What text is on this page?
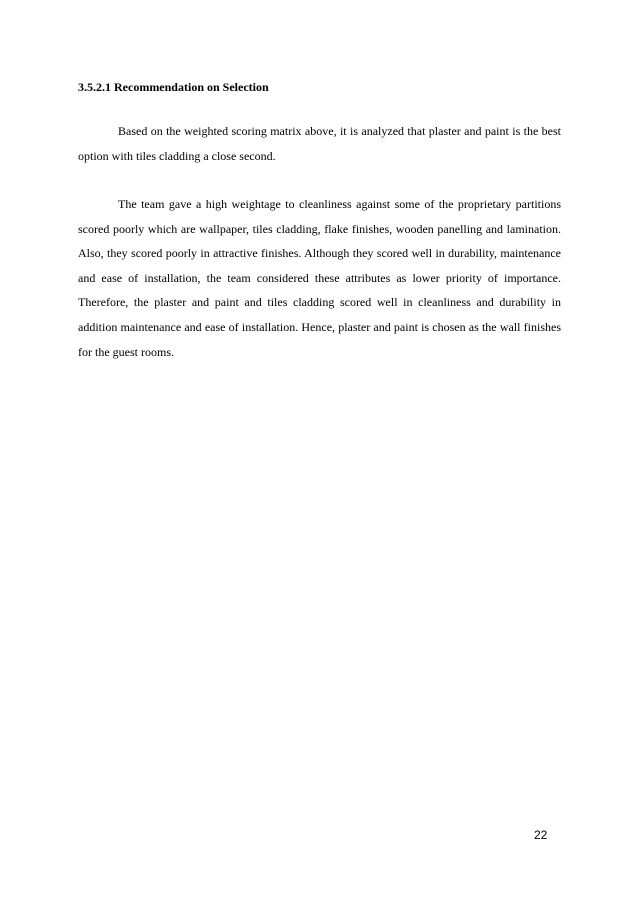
3.5.2.1 Recommendation on Selection

Based on the weighted scoring matrix above, it is analyzed that plaster and paint is the best option with tiles cladding a close second.

The team gave a high weightage to cleanliness against some of the proprietary partitions scored poorly which are wallpaper, tiles cladding, flake finishes, wooden panelling and lamination. Also, they scored poorly in attractive finishes. Although they scored well in durability, maintenance and ease of installation, the team considered these attributes as lower priority of importance. Therefore, the plaster and paint and tiles cladding scored well in cleanliness and durability in addition maintenance and ease of installation. Hence, plaster and paint is chosen as the wall finishes for the guest rooms.

22
